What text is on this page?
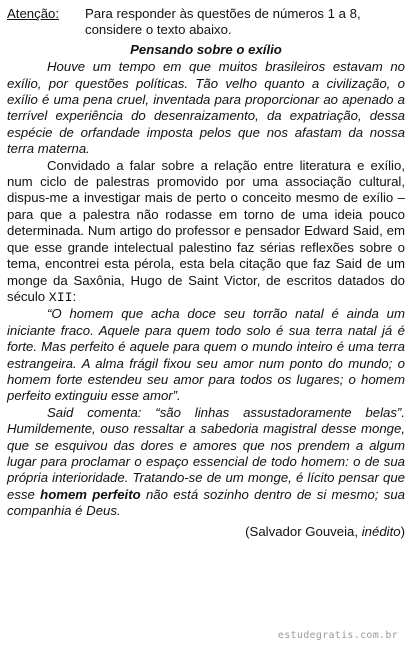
Atenção:	Para responder às questões de números 1 a 8, considere o texto abaixo.
Pensando sobre o exílio

Houve um tempo em que muitos brasileiros estavam no exílio, por questões políticas. Tão velho quanto a civilização, o exílio é uma pena cruel, inventada para proporcionar ao apenado a terrível experiência do desenraizamento, da expatriação, dessa espécie de orfandade imposta pelos que nos afastam da nossa terra materna.

Convidado a falar sobre a relação entre literatura e exílio, num ciclo de palestras promovido por uma associação cultural, dispus-me a investigar mais de perto o conceito mesmo de exílio – para que a palestra não rodasse em torno de uma ideia pouco determinada. Num artigo do professor e pensador Edward Said, em que esse grande intelectual palestino faz sérias reflexões sobre o tema, encontrei esta pérola, esta bela citação que faz Said de um monge da Saxônia, Hugo de Saint Victor, de escritos datados do século XII:

“O homem que acha doce seu torrão natal é ainda um iniciante fraco. Aquele para quem todo solo é sua terra natal já é forte. Mas perfeito é aquele para quem o mundo inteiro é uma terra estrangeira. A alma frágil fixou seu amor num ponto do mundo; o homem forte estendeu seu amor para todos os lugares; o homem perfeito extinguiu esse amor”.

Said comenta: “são linhas assustadoramente belas”. Humildemente, ouso ressaltar a sabedoria magistral desse monge, que se esquivou das dores e amores que nos prendem a algum lugar para proclamar o espaço essencial de todo homem: o de sua própria interioridade. Tratando-se de um monge, é lícito pensar que esse homem perfeito não está sozinho dentro de si mesmo; sua companhia é Deus.

(Salvador Gouveia, inédito)
estudegratis.com.br
